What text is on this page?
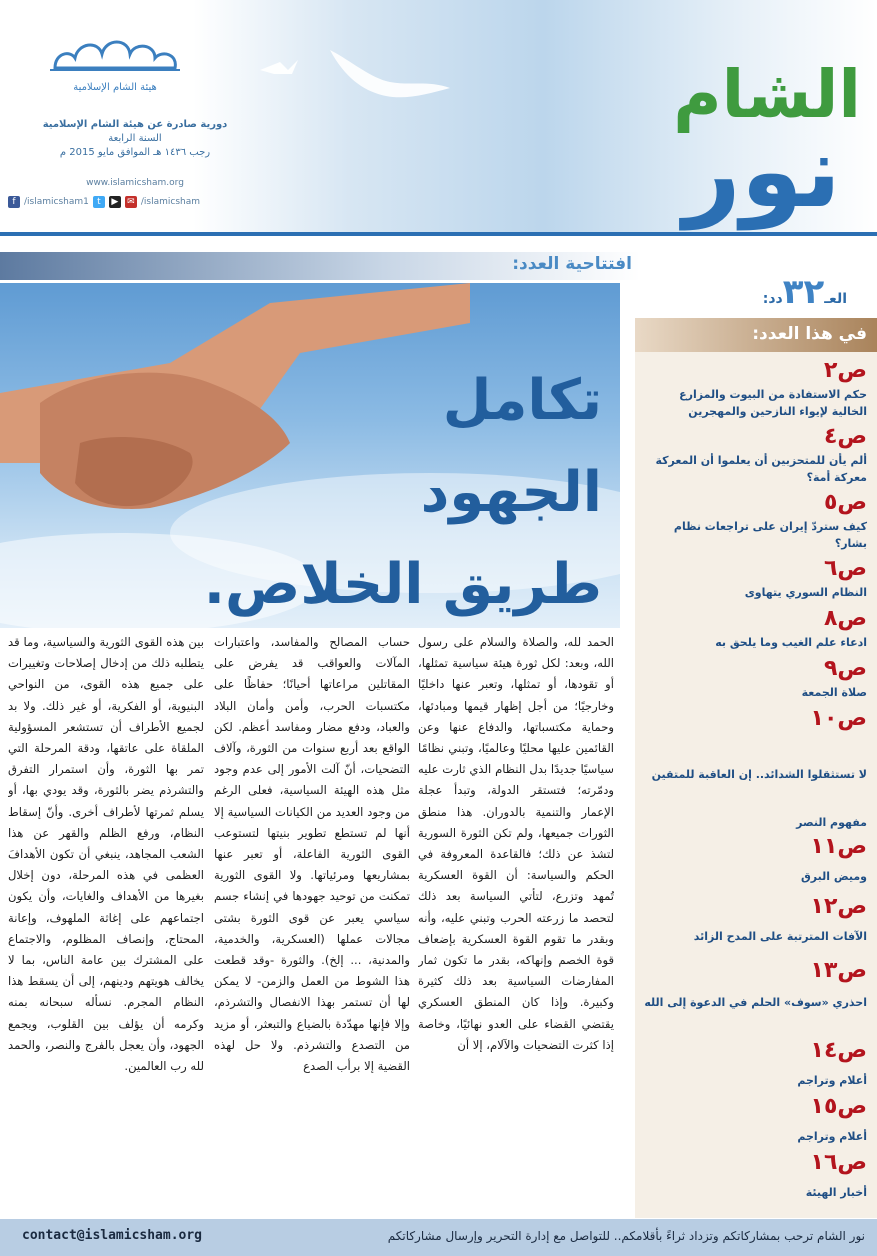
هيئة الشام الإسلامية
دورية صادرة عن هيئة الشام الإسلامية
السنة الرابعة
رجب ١٤٣٦ هـ الموافق مايو 2015 م
www.islamicsham.org
f /islamicsham1 t	▶ ✉ /islamicsham
الشام
نور
افتتاحية العدد:
العـ٣٢دد:
تكامل
الجهود
طريق الخلاص.
في هذا العدد:
ص٢
حكم الاستفادة من البيوت والمزارع الخالية لإيواء النازحين والمهجرين
ص٤
ألم يأن للمتحزبين أن يعلموا أن المعركة معركة أمة؟
ص٥
كيف ستردّ إيران على تراجعات نظام بشار؟
ص٦
النظام السوري يتهاوى
ص٨
ادعاء علم الغيب وما يلحق به
ص٩
صلاة الجمعة
ص١٠
لا تستثقلوا الشدائد.. إن العاقبة للمتقين
مفهوم النصر
ص١١
وميض البرق
ص١٢
الآفات المترتبة على المدح الزائد
ص١٣
احذري «سوف» الحلم في الدعوة إلى الله
ص١٤
أعلام وتراجم
ص١٥
أعلام وتراجم
ص١٦
أخبار الهيئة

الحمد لله، والصلاة والسلام على رسول الله، وبعد: لكل ثورة هيئة سياسية تمثلها، أو تقودها، أو تمثلها، وتعبر عنها داخليًا وخارجيًا؛ من أجل إظهار قيمها ومبادئها، وحماية مكتسباتها، والدفاع عنها وعن القائمين عليها محليًا وعالميًا، وتبني نظامًا سياسيًا جديدًا بدل النظام الذي ثارت عليه ودمّرته؛ فتستقر الدولة، وتبدأ عجلة الإعمار والتنمية بالدوران. هذا منطق الثورات جميعها، ولم تكن الثورة السورية لتشذ عن ذلك؛ فالقاعدة المعروفة في الحكم والسياسة: أن القوة العسكرية تُمهد وتزرع، لتأتي السياسة بعد ذلك لتحصد ما زرعته الحرب وتبني عليه، وأنه وبقدر ما تقوم القوة العسكرية بإضعاف قوة الخصم وإنهاكه، بقدر ما تكون ثمار المفارضات السياسية بعد ذلك كثيرة وكبيرة. وإذا كان المنطق العسكري يقتضي القضاء على العدو نهائيًا، وخاصة إذا كثرت التضحيات والآلام، إلا أن

حساب المصالح والمفاسد، واعتبارات المآلات والعواقب قد يفرض على المقاتلين مراعاتها أحيانًا؛ حفاظًا على مكتسبات الحرب، وأمن وأمان البلاد والعباد، ودفع مضار ومفاسد أعظم. لكن الواقع بعد أربع سنوات من الثورة، وآلاف التضحيات، أنّ آلت الأمور إلى عدم وجود مثل هذه الهيئة السياسية، فعلى الرغم من وجود العديد من الكيانات السياسية إلا أنها لم تستطع تطوير بنيتها لتستوعب القوى الثورية الفاعلة، أو تعبر عنها بمشاريعها ومرئياتها. ولا القوى الثورية تمكنت من توحيد جهودها في إنشاء جسم سياسي يعبر عن قوى الثورة بشتى مجالات عملها (العسكرية، والخدمية، والمدنية، ... إلخ). والثورة -وقد قطعت هذا الشوط من العمل والزمن- لا يمكن لها أن تستمر بهذا الانفصال والتشرذم، وإلا فإنها مهدّدة بالضياع والتبعثر، أو مزيد من التصدع والتشرذم. ولا حل لهذه القضية إلا برأب الصدع

بين هذه القوى الثورية والسياسية، وما قد يتطلبه ذلك من إدخال إصلاحات وتغييرات على جميع هذه القوى، من النواحي البنيوية، أو الفكرية، أو غير ذلك. ولا بد لجميع الأطراف أن تستشعر المسؤولية الملقاة على عاتقها، ودقة المرحلة التي تمر بها الثورة، وأن استمرار التفرق والتشرذم يضر بالثورة، وقد يودي بها، أو يسلم ثمرتها لأطراف أخرى. وأنّ إسقاط النظام، ورفع الظلم والقهر عن هذا الشعب المجاهد، ينبغي أن تكون الأهدافَ العظمى في هذه المرحلة، دون إخلال بغيرها من الأهداف والغايات، وأن يكون اجتماعهم على إغاثة الملهوف، وإعانة المحتاج، وإنصاف المظلوم، والاجتماع على المشترك بين عامة الناس، بما لا يخالف هويتهم ودينهم، إلى أن يسقط هذا النظام المجرم. نسأله سبحانه بمنه وكرمه أن يؤلف بين القلوب، ويجمع الجهود، وأن يعجل بالفرج والنصر، والحمد لله رب العالمين.

نور الشام ترحب بمشاركاتكم وتزداد ثراءً بأقلامكم.. للتواصل مع إدارة التحرير وإرسال مشاركاتكم
contact@islamicsham.org
